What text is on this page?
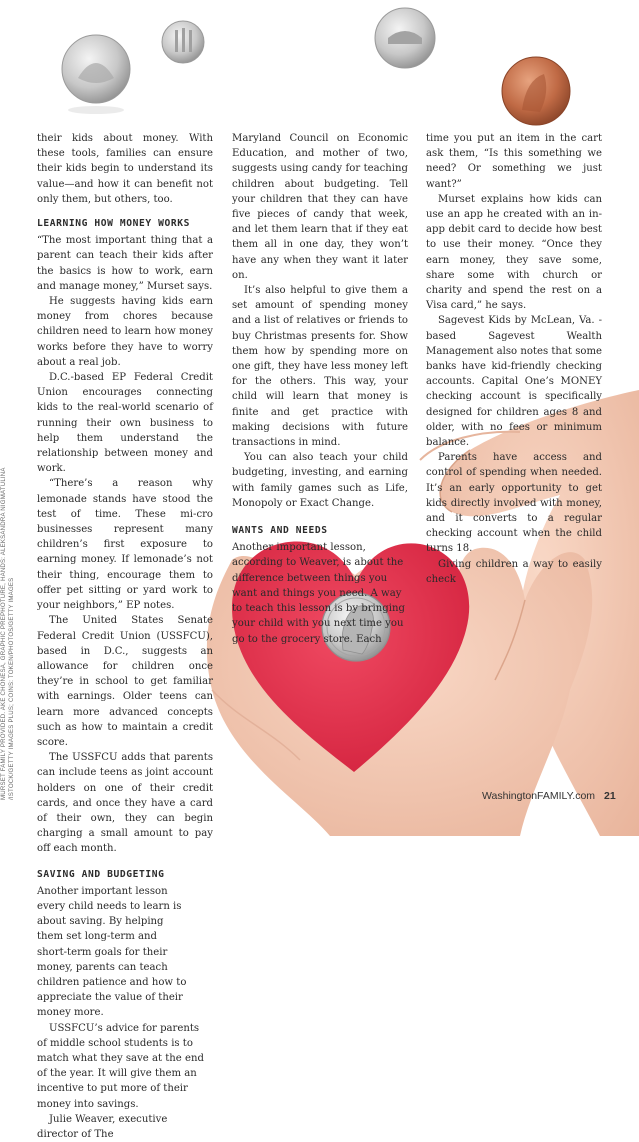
MURSET FAMILY PROVIDED. AKE CHONESA, GRAPHIC PREPHOTURE, HANDS: ALEKSANDRA NIGMATULINA /ISTOCK/GETTY IMAGES PLUS; COINS: TOKEN/PHOTOS/GETTY IMAGES

their kids about money. With these tools, families can ensure their kids begin to understand its value—and how it can benefit not only them, but others, too.

LEARNING HOW MONEY WORKS

“The most important thing that a parent can teach their kids after the basics is how to work, earn and manage money,” Murset says.

He suggests having kids earn money from chores because children need to learn how money works before they have to worry about a real job.

D.C.-based EP Federal Credit Union encourages connecting kids to the real-world scenario of running their own business to help them understand the relationship between money and work.

“There’s a reason why lemonade stands have stood the test of time. These mi-cro businesses represent many children’s first exposure to earning money. If lemonade’s not their thing, encourage them to offer pet sitting or yard work to your neighbors,” EP notes.

The United States Senate Federal Credit Union (USSFCU), based in D.C., suggests an allowance for children once they’re in school to get familiar with earnings. Older teens can learn more advanced concepts such as how to maintain a credit score.

The USSFCU adds that parents can include teens as joint account holders on one of their credit cards, and once they have a card of their own, they can begin charging a small amount to pay off each month.

SAVING AND BUDGETING

Another important lesson every child needs to learn is about saving. By helping them set long-term and short-term goals for their money, parents can teach children patience and how to appreciate the value of their money more.

USSFCU’s advice for parents of middle school students is to match what they save at the end of the year. It will give them an incentive to put more of their money into savings.

Julie Weaver, executive director of The

Maryland Council on Economic Education, and mother of two, suggests using candy for teaching children about budgeting. Tell your children that they can have five pieces of candy that week, and let them learn that if they eat them all in one day, they won’t have any when they want it later on.

It’s also helpful to give them a set amount of spending money and a list of relatives or friends to buy Christmas presents for. Show them how by spending more on one gift, they have less money left for the others. This way, your child will learn that money is finite and get practice with making decisions with future transactions in mind.

You can also teach your child budgeting, investing, and earning with family games such as Life, Monopoly or Exact Change.

WANTS AND NEEDS

Another important lesson, according to Weaver, is about the difference between things you want and things you need. A way to teach this lesson is by bringing your child with you next time you go to the grocery store. Each

time you put an item in the cart ask them, “Is this something we need? Or something we just want?”

Murset explains how kids can use an app he created with an in-app debit card to decide how best to use their money. “Once they earn money, they save some, share some with church or charity and spend the rest on a Visa card,” he says.

Sagevest Kids by McLean, Va. -based Sagevest Wealth Management also notes that some banks have kid-friendly checking accounts. Capital One’s MONEY checking account is specifically designed for children ages 8 and older, with no fees or minimum balance.

Parents have access and control of spending when needed. It’s an early opportunity to get kids directly involved with money, and it converts to a regular checking account when the child turns 18.

Giving children a way to easily check

WashingtonFAMILY.com 21
